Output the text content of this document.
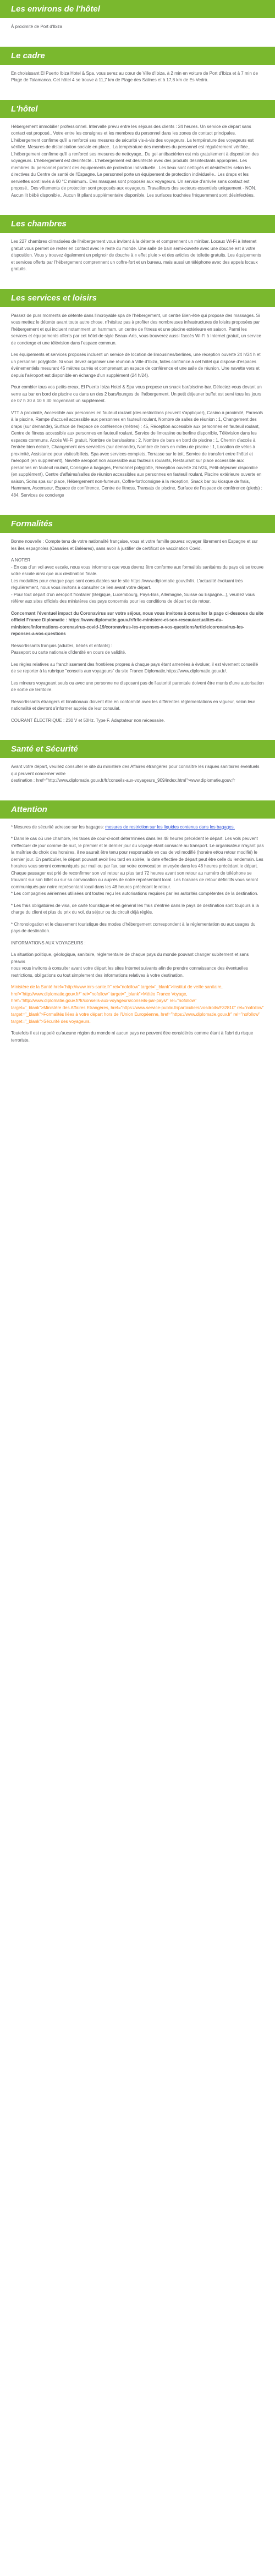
Les environs de l'hôtel

À proximité de Port d'Ibiza

Le cadre

En choisissant El Puerto Ibiza Hotel & Spa, vous serez au cœur de Ville d'Ibiza, à 2 min en voiture de Port d'Ibiza et à 7 min de Plage de Talamanca. Cet hôtel 4 se trouve à 11,7 km de Plage des Salines et à 17,8 km de Es Vedrà.

L'hôtel

Hébergement immobilier professionnel. Intervalle prévu entre les séjours des clients : 24 heures. Un service de départ sans contact est proposé.. Votre entre les consignes et les membres du personnel dans les zones de contact principales. L'hébergement confirme qu'il a renforcé ses mesures de sécurité vis-à-vis des voyageurs. La température des voyageurs est vérifiée. Mesures de distanciation sociale en place.. La température des membres du personnel est régulièrement vérifiée.. L'hébergement confirme qu'il a renforcé ses mesures de nettoyage.. Du gel antibactérien est mis gratuitement à disposition des voyageurs. L'hébergement est désinfecté.. L'hébergement est désinfecté avec des produits désinfectants appropriés. Les membres du personnel portent des équipements de protection individuelle.. Les lieux sont nettoyés et désinfectés selon les directives du Centre de santé de l'Espagne. Le personnel porte un équipement de protection individuelle.. Les draps et les serviettes sont lavés à 60 °C minimum.. Des masques sont proposés aux voyageurs. Un service d'arrivée sans contact est proposé.. Des vêtements de protection sont proposés aux voyageurs. Travailleurs des secteurs essentiels uniquement - NON. Aucun lit bébé disponible.. Aucun lit pliant supplémentaire disponible. Les surfaces touchées fréquemment sont désinfectées.

Les chambres

Les 227 chambres climatisées de l'hébergement vous invitent à la détente et comprennent un minibar. Locaux Wi-Fi à Internet gratuit vous permet de rester en contact avec le reste du monde. Une salle de bain semi-ouverte avec une douche est à votre disposition. Vous y trouvez également un peignoir de douche à « effet pluie » et des articles de toilette gratuits. Les équipements et services offerts par l'hébergement comprennent un coffre-fort et un bureau, mais aussi un téléphone avec des appels locaux gratuits.

Les services et loisirs

Passez de purs moments de détente dans l'incroyable spa de l'hébergement, un centre Bien-être qui propose des massages. Si vous mettez le détente avant toute autre chose, n'hésitez pas à profiter des nombreuses infrastructures de loisirs proposées par l'hébergement et qui incluent notamment un hammam, un centre de fitness et une piscine extérieure en saison. Parmi les services et équipements offerts par cet hôtel de style Beaux-Arts, vous trouverez aussi l'accès Wi-Fi à Internet gratuit, un service de concierge et une télévision dans l'espace commun.

Les équipements et services proposés incluent un service de location de limousines/berlines, une réception ouverte 24 h/24 h et un personnel polyglotte. Si vous devez organiser une réunion à Ville d'Ibiza, faites confiance à cet hôtel qui dispose d'espaces événementiels mesurant 45 mètres carrés et comprenant un espace de conférence et une salle de réunion. Une navette vers et depuis l'aéroport est disponible en échange d'un supplément (24 h/24).

Pour combler tous vos petits creux, El Puerto Ibiza Hotel & Spa vous propose un snack bar/piscine-bar. Délectez-vous devant un verre au bar en bord de piscine ou dans un des 2 bars/lounges de l'hébergement. Un petit déjeuner buffet est servi tous les jours de 07 h 30 à 10 h 30 moyennant un supplément.

VTT à proximité, Accessible aux personnes en fauteuil roulant (des restrictions peuvent s'appliquer), Casino à proximité, Parasols à la piscine, Rampe d'accueil accessible aux personnes en fauteuil roulant, Nombre de salles de réunion : 1, Changement des draps (sur demande), Surface de l'espace de conférence (mètres) : 45, Réception accessible aux personnes en fauteuil roulant, Centre de fitness accessible aux personnes en fauteuil roulant, Service de limousine ou berline disponible, Télévision dans les espaces communs, Accès Wi-Fi gratuit, Nombre de bars/salons : 2, Nombre de bars en bord de piscine : 1, Chemin d'accès à l'entrée bien éclairé, Changement des serviettes (sur demande), Nombre de bars en milieu de piscine : 1, Location de vélos à proximité, Assistance pour visites/billets, Spa avec services complets, Terrasse sur le toit, Service de transfert entre l'hôtel et l'aéroport (en supplément), Navette aéroport non accessible aux fauteuils roulants, Restaurant sur place accessible aux personnes en fauteuil roulant, Consigne à bagages, Personnel polyglotte, Réception ouverte 24 h/24, Petit-déjeuner disponible (en supplément), Centre d'affaires/salles de réunion accessibles aux personnes en fauteuil roulant, Piscine extérieure ouverte en saison, Soins spa sur place, Hébergement non-fumeurs, Coffre-fort/consigne à la réception, Snack bar ou kiosque de frais, Hammam, Ascenseur, Espace de conférence, Centre de fitness, Transats de piscine, Surface de l'espace de conférence (pieds) : 484, Services de concierge

Formalités

Bonne nouvelle : Compte tenu de votre nationalité française, vous et votre famille pouvez voyager librement en Espagne et sur les îles espagnoles (Canaries et Baléares), sans avoir à justifier de certificat de vaccination Covid.

A NOTER
- En cas d'un vol avec escale, nous vous informons que vous devrez être conforme aux formalités sanitaires du pays où se trouve votre escale ainsi que aux destination finale.
Les modalités pour chaque pays sont consultables sur le site https://www.diplomatie.gouv.fr/fr/. L'actualité évoluant très régulièrement, nous vous invitons à consulter ce lien avant votre départ.
- Pour tout départ d'un aéroport frontalier (Belgique, Luxembourg, Pays-Bas, Allemagne, Suisse ou Espagne...), veuillez vous référer aux sites officiels des ministères des pays concernés pour les conditions de départ et de retour.

Concernant l'éventuel impact du Coronavirus sur votre séjour, nous vous invitons à consulter la page ci-dessous du site officiel France Diplomatie : https://www.diplomatie.gouv.fr/fr/le-ministere-et-son-reseau/actualites-du-ministere/informations-coronavirus-covid-19/coronavirus-les-reponses-a-vos-questions/article/coronavirus-les-reponses-a-vos-questions

Ressortissants français (adultes, bébés et enfants) :
Passeport ou carte nationale d'identité en cours de validité.

Les règles relatives au franchissement des frontières propres à chaque pays étant amenées à évoluer, il est vivement conseillé de se reporter à la rubrique "conseils aux voyageurs" du site France Diplomatie,https://www.diplomatie.gouv.fr/.

Les mineurs voyageant seuls ou avec une personne ne disposant pas de l'autorité parentale doivent être munis d'une autorisation de sortie de territoire.

Ressortissants étrangers et binationaux doivent être en conformité avec les différentes réglementations en vigueur, selon leur nationalité et devront s'informer auprès de leur consulat.

COURANT ÉLECTRIQUE : 230 V et 50Hz. Type F. Adaptateur non nécessaire.

Santé et Sécurité

Avant votre départ, veuillez consulter le site du ministère des Affaires étrangères pour connaître les risques sanitaires éventuels qui peuvent concerner votre
destination : href="http://www.diplomatie.gouv.fr/fr/conseils-aux-voyageurs_909/index.html">www.diplomatie.gouv.fr

Attention

* Mesures de sécurité adresse sur les bagages: mesures de restriction sur les liquides contenus dans les bagages.

* Dans le cas où une chambre, les taxes de cour-d-sont déterminées dans les 48 heures précédent le départ. Les vols peuvent s'effectuer de jour comme de nuit, le premier et le dernier jour du voyage étant consacré au transport. Le organisateur n'ayant pas la maîtrise du choix des horaires, il ne saurait être tenu pour responsable en cas de vol modifié (horaire et/ou retour modifié) le dernier jour. En particulier, le départ pouvant avoir lieu tard en soirée, la date effective de départ peut être celle du lendemain. Les horaires vous seront communiqués par mail ou par fax, sur votre convocation envoyée dans les 48 heures précédant le départ. Chaque passager est prié de reconfirmer son vol retour au plus tard 72 heures avant son retour au numéro de téléphone se trouvant sur son billet ou sur sa convocation ou auprès de notre représentant local. Les horaires de retour définitifs vous seront communiqués par notre représentant local dans les 48 heures précédant le retour.
* Les compagnies aériennes utilisées ont toutes reçu les autorisations requises par les autorités compétentes de la destination.

* Les frais obligatoires de visa, de carte touristique et en général les frais d'entrée dans le pays de destination sont toujours à la charge du client et plus du prix du vol, du séjour ou du circuit déjà réglés.

* Chronologation et le classement touristique des modes d'hébergement correspondent à la réglementation ou aux usages du pays de destination.

INFORMATIONS AUX VOYAGEURS :

La situation politique, géologique, sanitaire, réglementaire de chaque pays du monde pouvant changer subitement et sans préavis
nous vous invitons à consulter avant votre départ les sites Internet suivants afin de prendre connaissance des éventuelles restrictions, obligations ou tout simplement des informations relatives à votre destination.

Ministère de la Santé href="http://www.inrs-sante.fr" rel="nofollow" target="_blank">Institut de veille sanitaire,
href="http://www.diplomatie.gouv.fr/" rel="nofollow" target="_blank">Météo France Voyage, href="http://www.diplomatie.gouv.fr/fr/conseils-aux-voyageurs/conseils-par-pays/" rel="nofollow"
target="_blank">Ministère des Affaires Etrangères, href="https://www.service-public.fr/particuliers/vosdroits/F32810" rel="nofollow"
target="_blank">Formalités liées à votre départ hors de l'Union Européenne, href="https://www.diplomatie.gouv.fr" rel="nofollow" target="_blank">Sécurité des voyageurs.

Toutefois il est rappelé qu'aucune région du monde ni aucun pays ne peuvent être considérés comme étant à l'abri du risque terroriste.
